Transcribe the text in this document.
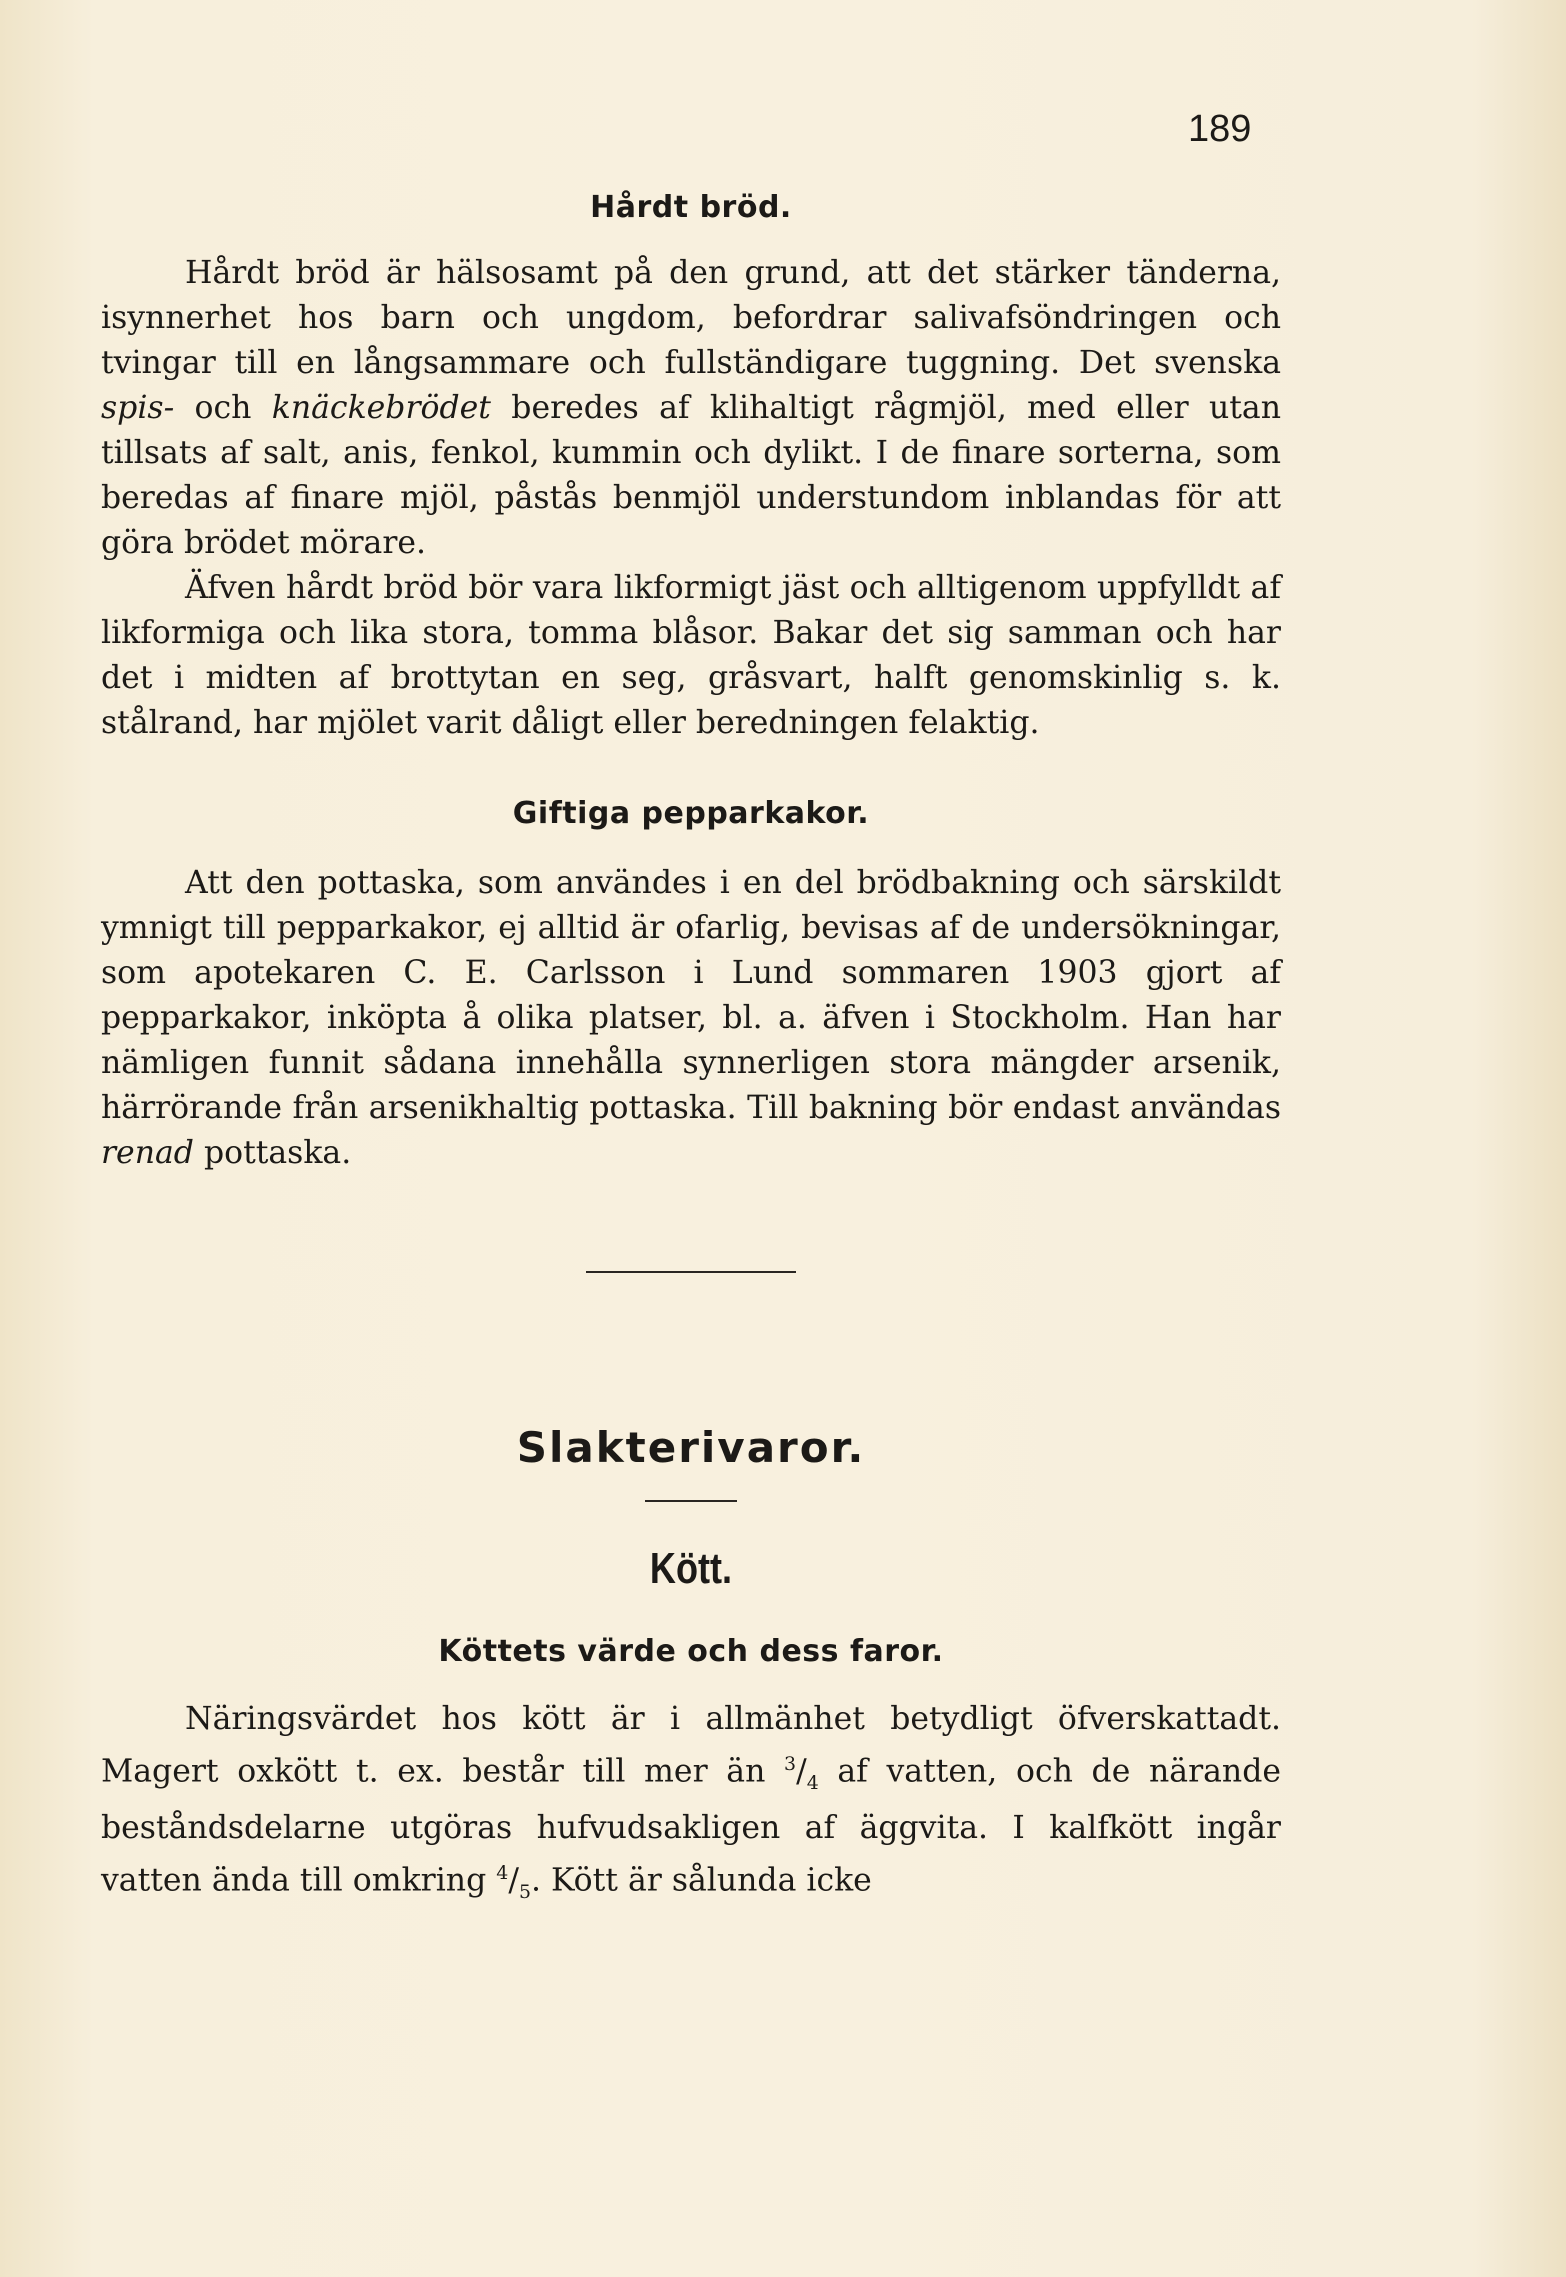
189
Hårdt bröd.

Hårdt bröd är hälsosamt på den grund, att det stärker tänderna, isynnerhet hos barn och ungdom, befordrar salivafsöndringen och tvingar till en långsammare och fullständigare tuggning. Det svenska spis- och knäckebrödet beredes af klihaltigt rågmjöl, med eller utan tillsats af salt, anis, fenkol, kummin och dylikt. I de finare sorterna, som beredas af finare mjöl, påstås benmjöl understundom inblandas för att göra brödet mörare.

Äfven hårdt bröd bör vara likformigt jäst och alltigenom uppfylldt af likformiga och lika stora, tomma blåsor. Bakar det sig samman och har det i midten af brottytan en seg, gråsvart, halft genomskinlig s. k. stålrand, har mjölet varit dåligt eller beredningen felaktig.

Giftiga pepparkakor.

Att den pottaska, som användes i en del brödbakning och särskildt ymnigt till pepparkakor, ej alltid är ofarlig, bevisas af de undersökningar, som apotekaren C. E. Carlsson i Lund sommaren 1903 gjort af pepparkakor, inköpta å olika platser, bl. a. äfven i Stockholm. Han har nämligen funnit sådana innehålla synnerligen stora mängder arsenik, härrörande från arsenikhaltig pottaska. Till bakning bör endast användas renad pottaska.

Slakterivaror.
Kött.
Köttets värde och dess faror.

Näringsvärdet hos kött är i allmänhet betydligt öfverskattadt. Magert oxkött t. ex. består till mer än $^3/_4$ af vatten, och de närande beståndsdelarne utgöras hufvudsakligen af äggvita. I kalfkött ingår vatten ända till omkring $^4/_5$. Kött är sålunda icke
